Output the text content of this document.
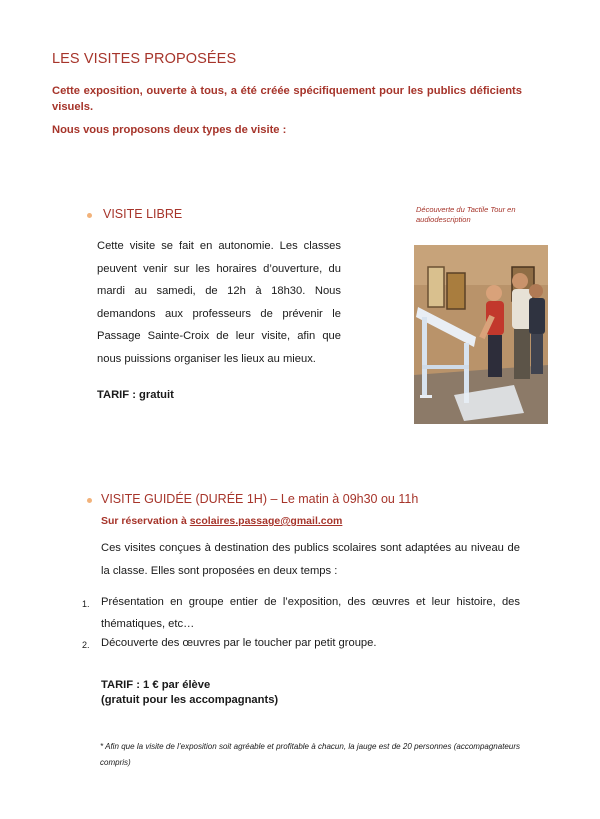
LES VISITES PROPOSÉES
Cette exposition, ouverte à tous, a été créée spécifiquement pour les publics déficients visuels.
Nous vous proposons deux types de visite :
VISITE LIBRE
Cette visite se fait en autonomie. Les classes peuvent venir sur les horaires d’ouverture, du mardi au samedi, de 12h à 18h30. Nous demandons aux professeurs de prévenir le Passage Sainte-Croix de leur visite, afin que nous puissions organiser les lieux au mieux.
TARIF : gratuit
Découverte du Tactile Tour en audiodescription
VISITE GUIDÉE (DURÉE 1H) – Le matin à 09h30 ou 11h
Sur réservation à scolaires.passage@gmail.com
Ces visites conçues à destination des publics scolaires sont adaptées au niveau de la classe. Elles sont proposées en deux temps :
1. Présentation en groupe entier de l’exposition, des œuvres et leur histoire, des thématiques, etc…
2. Découverte des œuvres par le toucher par petit groupe.
TARIF : 1 € par élève
(gratuit pour les accompagnants)
* Afin que la visite de l’exposition soit agréable et profitable à chacun, la jauge est de 20 personnes (accompagnateurs compris)
